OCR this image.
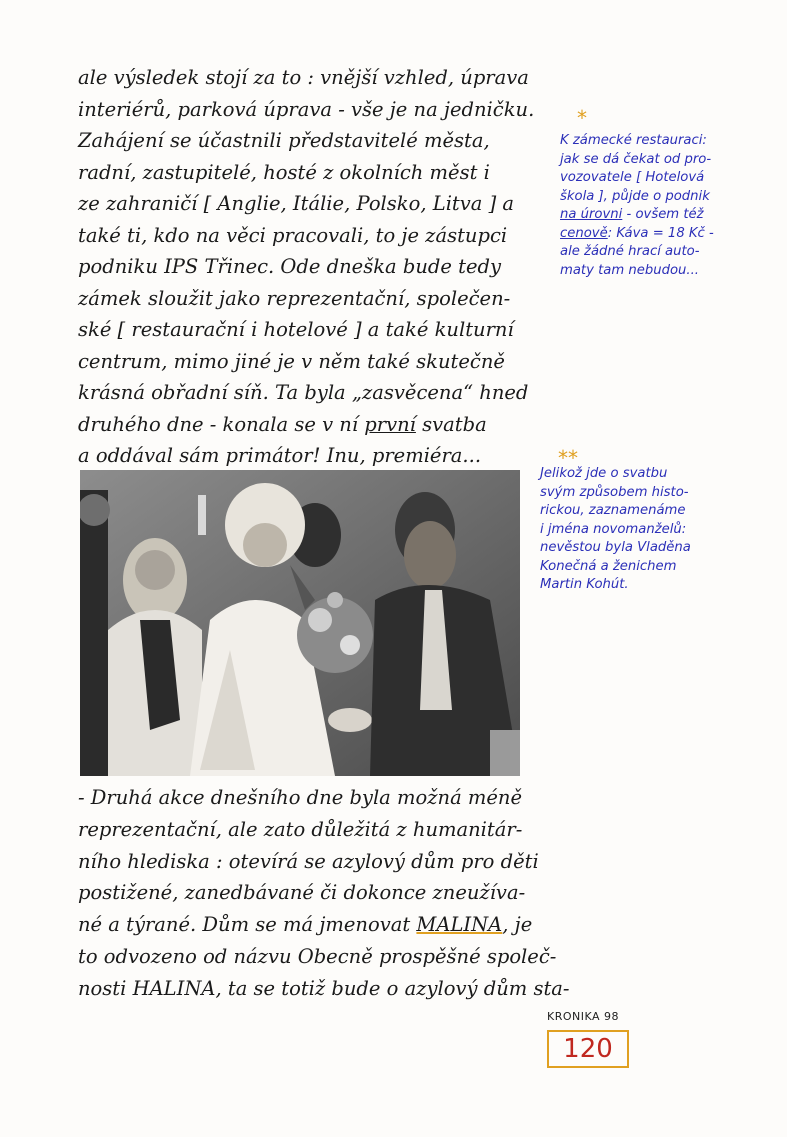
ale výsledek stojí za to : vnější vzhled, úprava
interiérů, parková úprava - vše je na jedničku.
Zahájení se účastnili představitelé města,
radní, zastupitelé, hosté z okolních měst i
ze zahraničí [ Anglie, Itálie, Polsko, Litva ] a
také ti, kdo na věci pracovali, to je zástupci
podniku IPS Třinec. Ode dneška bude tedy
zámek sloužit jako reprezentační, společen-
ské [ restaurační i hotelové ] a také kulturní
centrum, mimo jiné je v něm také skutečně
krásná obřadní síň. Ta byla „zasvěcena“ hned
druhého dne - konala se v ní první svatba
a oddával sám primátor! Inu, premiéra...
*
K zámecké restauraci:
jak se dá čekat od pro-
vozovatele [ Hotelová
škola ], půjde o podnik
na úrovni - ovšem též
cenově: Káva = 18 Kč -
ale žádné hrací auto-
maty tam nebudou...
**
Jelikož jde o svatbu
svým způsobem histo-
rickou, zaznamenáme
i jména novomanželů:
nevěstou byla Vladěna
Konečná a ženichem
Martin Kohút.
- Druhá akce dnešního dne byla možná méně
reprezentační, ale zato důležitá z humanitár-
ního hlediska : otevírá se azylový dům pro děti
postižené, zanedbávané či dokonce zneužíva-
né a týrané. Dům se má jmenovat MALINA, je
to odvozeno od názvu Obecně prospěšné společ-
nosti HALINA, ta se totiž bude o azylový dům sta-
KRONIKA 98
120
